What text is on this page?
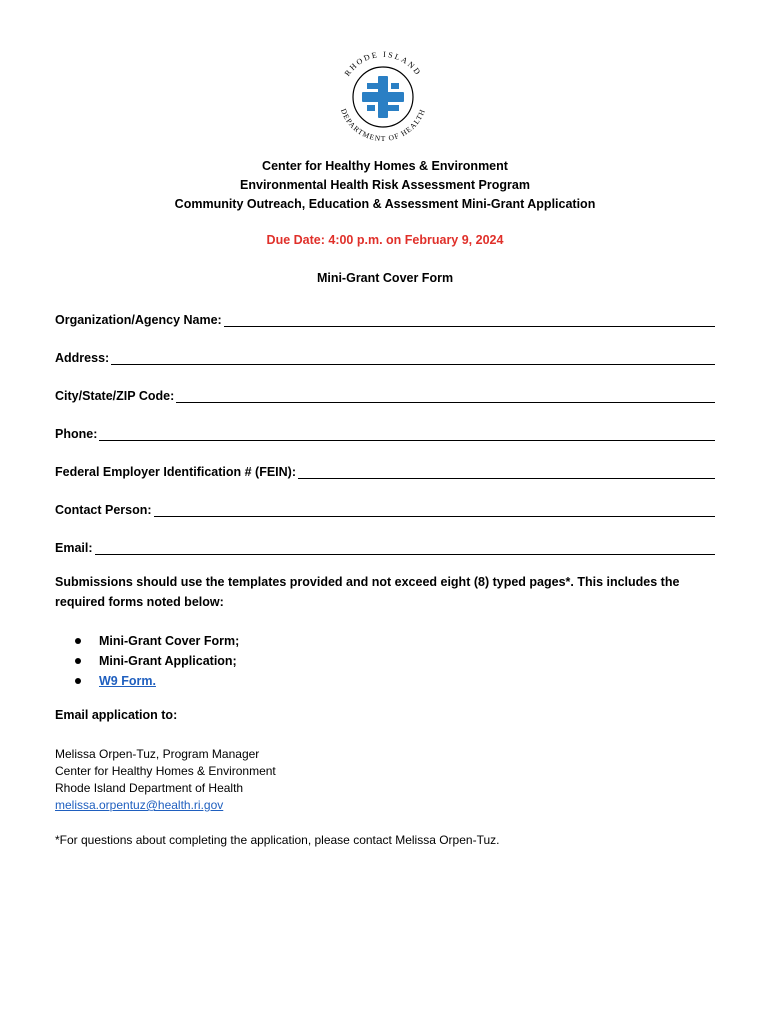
RHODE ISLAND
DEPARTMENT OF HEALTH
Center for Healthy Homes & Environment
Environmental Health Risk Assessment Program
Community Outreach, Education & Assessment Mini-Grant Application
Due Date: 4:00 p.m. on February 9, 2024
Mini-Grant Cover Form
Organization/Agency Name:
Address:
City/State/ZIP Code:
Phone:
Federal Employer Identification # (FEIN):
Contact Person:
Email:
Submissions should use the templates provided and not exceed eight (8) typed pages*. This includes the required forms noted below:
Mini-Grant Cover Form;
Mini-Grant Application;
W9 Form.
Email application to:
Melissa Orpen-Tuz, Program Manager
Center for Healthy Homes & Environment
Rhode Island Department of Health
melissa.orpentuz@health.ri.gov
*For questions about completing the application, please contact Melissa Orpen-Tuz.
